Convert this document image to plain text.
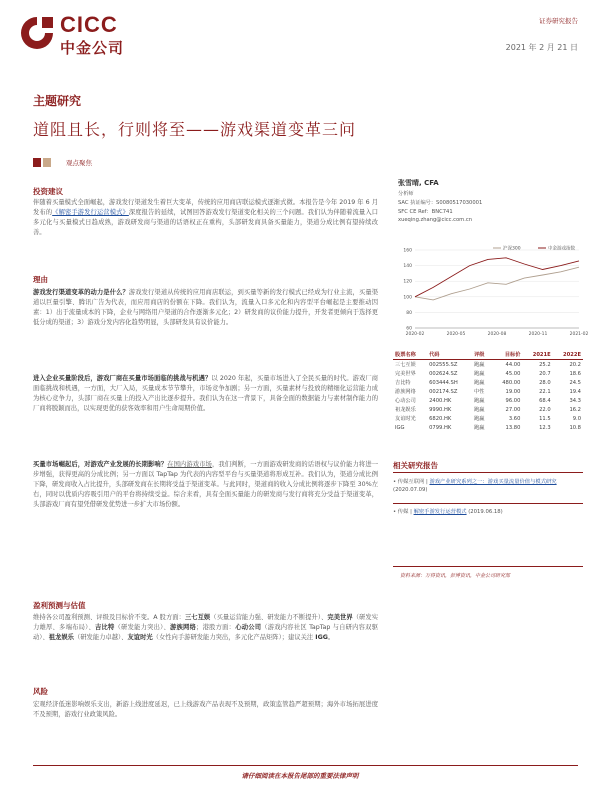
CICC
中金公司
证券研究报告
2021 年 2 月 21 日
主题研究
道阻且长，行则将至——游戏渠道变革三问
观点聚焦
投资建议
伴随着买量模式全面崛起，游戏发行渠道发生着巨大变革，传统的应用商店联运模式逐渐式微。本报告是今年 2019 年 6 月发布的《解密手游发行运营模式》深度报告的延续，试图回答游戏发行渠道变化相关的三个问题。我们认为伴随着流量入口多元化与买量模式日趋成熟，游戏研发商与渠道的话语权正在重构，头部研发商具备买量能力，渠道分成比例有望持续改善。
理由
游戏发行渠道变革的动力是什么？游戏发行渠道从传统的应用商店联运，到买量等新的发行模式已经成为行业主流，买量渠道以巨量引擎、腾讯广告为代表，而应用商店的份额在下降。我们认为，流量入口多元化和内容型平台崛起是主要推动因素：1）出于流量成本的下降，企业与网络用户渠道的合作逐渐多元化；2）研发商的议价能力提升，开发者更倾向于选择更低分成的渠道；3）游戏分发内容化趋势明显，头部研发具有议价能力。
进入企业买量阶段后，游戏厂商在买量市场面临的挑战与机遇？以 2020 年起，买量市场进入了全民买量的时代。游戏厂商面临挑战和机遇，一方面，大厂入局，买量成本节节攀升，市场竞争加剧；另一方面，买量素材与投放的精细化运营能力成为核心竞争力，头部厂商在买量上的投入产出比逐步提升。我们认为在这一背景下，具备全面的数据能力与素材制作能力的厂商将脱颖而出，以实现更优的获客效率和用户生命周期价值。
买量市场崛起后，对游戏产业发展的长期影响？在国内游戏市场，我们判断，一方面游戏研发商的话语权与议价能力将进一步增强，获得更高的分成比例；另一方面以 TapTap 为代表的内容型平台与买量渠道将形成互补。我们认为，渠道分成比例下降，研发商收入占比提升，头部研发商在长期将受益于渠道变革。与此同时，渠道商的收入分成比例将逐步下降至 30%左右，同时以优质内容吸引用户的平台将持续受益。综合来看，具有全面买量能力的研发商与发行商将充分受益于渠道变革，头部游戏厂商有望凭借研发优势进一步扩大市场份额。
盈利预测与估值
维持各公司盈利预测、评级及目标价不变。A 股方面：三七互娱（买量运营能力强、研发能力不断提升）、完美世界（研发实力雄厚、多端布局）、吉比特（研发能力突出）、游族网络；港股方面：心动公司（游戏内容社区 TapTap 与自研内容双驱动）、祖龙娱乐（研发能力卓越）、友谊时光（女性向手游研发能力突出，多元化产品矩阵）；建议关注 IGG。
风险
宏观经济低迷影响娱乐支出，新游上线进度延迟，已上线游戏产品表现不及预期，政策监管趋严超预期；海外市场拓展进度不及预期，游戏行业政策风险。
张雪晴, CFA
分析师
SAC 执证编号：S0080517030001
SFC CE Ref：BNC741
xueqing.zhang@cicc.com.cn
60
80
100
120
140
160
2020-02	2020-05	2020-08	2020-11	2021-02
沪深300	中金游戏指数
股票名称	代码	评级	目标价	2021E	2022E
三七互娱	002555.SZ	跑赢	44.00	25.2	20.2
完美世界	002624.SZ	跑赢	45.00	20.7	18.6
吉比特	603444.SH	跑赢	480.00	28.0	24.5
游族网络	002174.SZ	中性	19.00	22.1	19.4
心动公司	2400.HK	跑赢	96.00	68.4	34.3
祖龙娱乐	9990.HK	跑赢	27.00	22.0	16.2
友谊时光	6820.HK	跑赢	3.60	11.5	9.0
IGG	0799.HK	跑赢	13.80	12.3	10.8
相关研究报告
• 传媒互联网 | 游戏产业研究系列之一：游戏买量流量价值与模式研究 (2020.07.09)
• 传媒 | 解密手游发行运营模式 (2019.06.18)
资料来源：万得资讯，彭博资讯，中金公司研究部
请仔细阅读在本报告尾部的重要法律声明
